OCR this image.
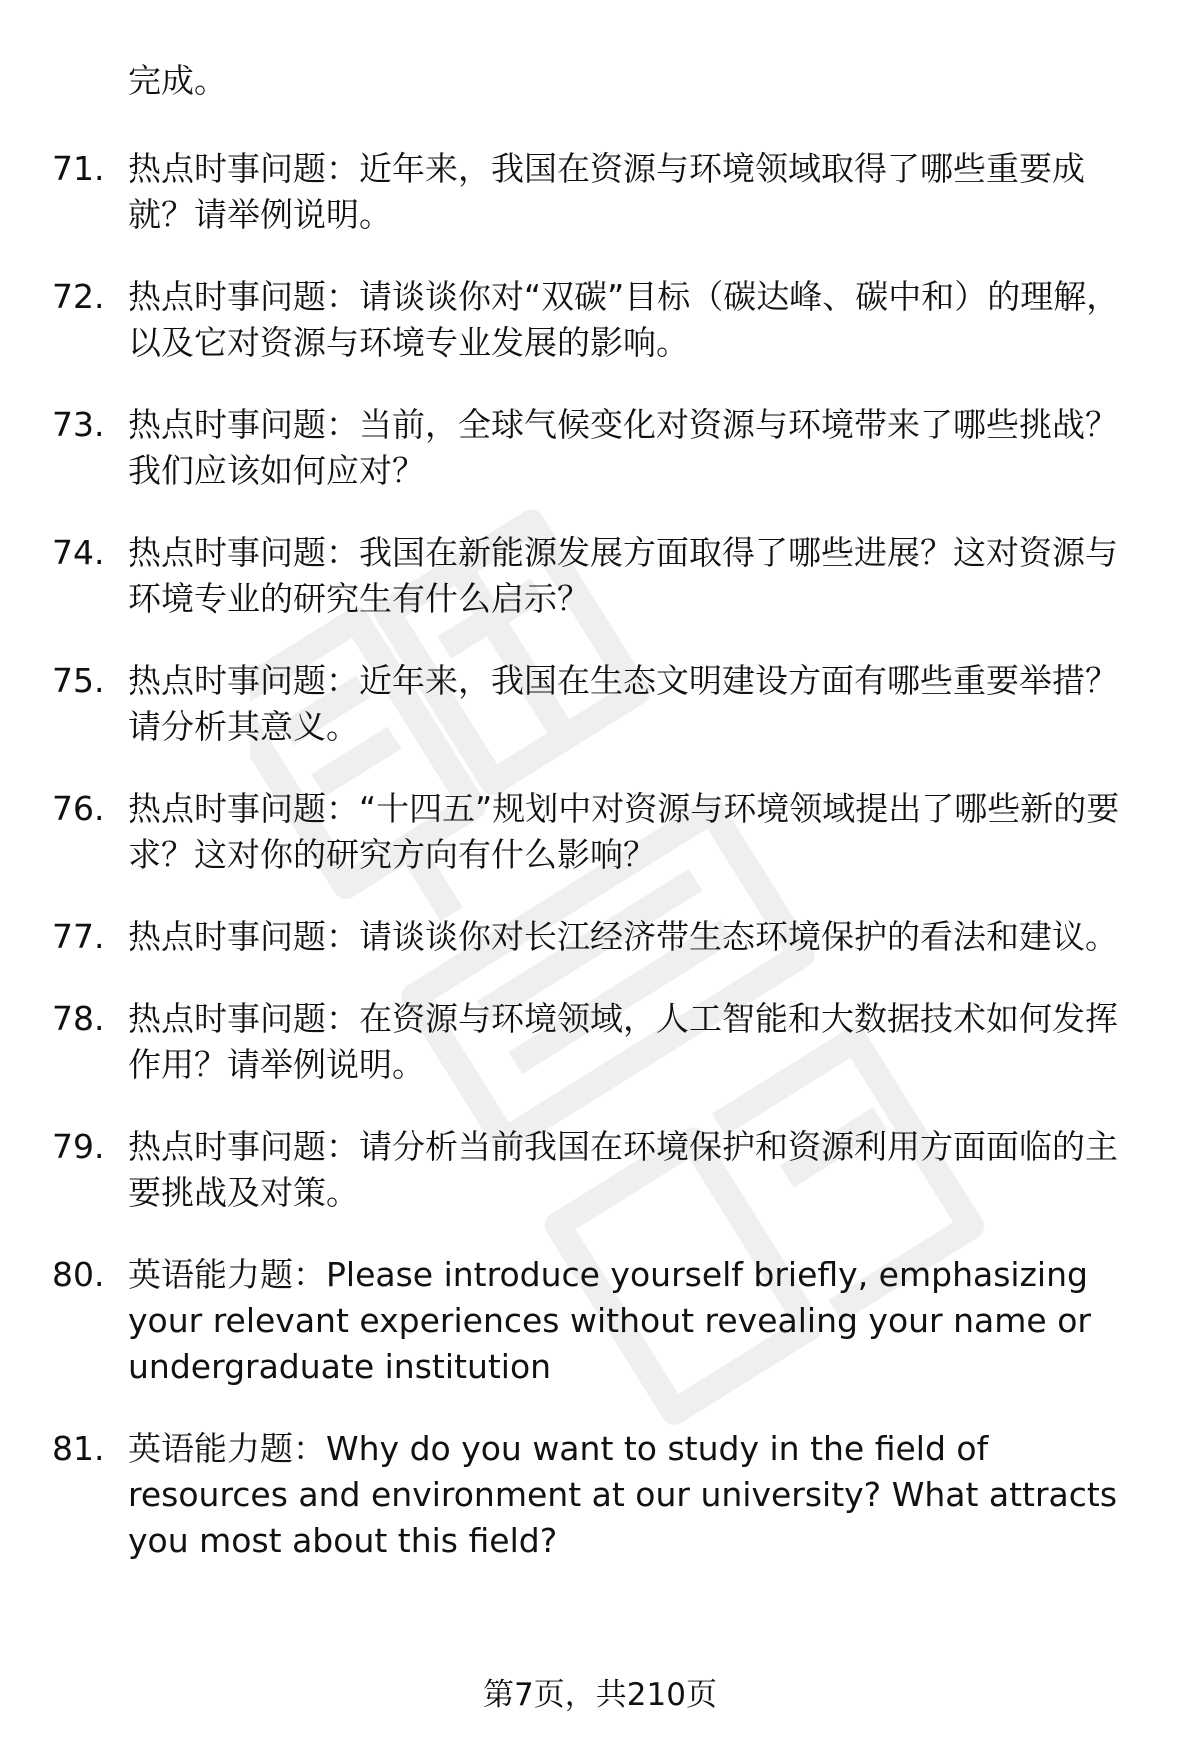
完成。

71. 热点时事问题：近年来，我国在资源与环境领域取得了哪些重要成就？请举例说明。
72. 热点时事问题：请谈谈你对“双碳”目标（碳达峰、碳中和）的理解，以及它对资源与环境专业发展的影响。
73. 热点时事问题：当前，全球气候变化对资源与环境带来了哪些挑战？我们应该如何应对？
74. 热点时事问题：我国在新能源发展方面取得了哪些进展？这对资源与环境专业的研究生有什么启示？
75. 热点时事问题：近年来，我国在生态文明建设方面有哪些重要举措？请分析其意义。
76. 热点时事问题：“十四五”规划中对资源与环境领域提出了哪些新的要求？这对你的研究方向有什么影响？
77. 热点时事问题：请谈谈你对长江经济带生态环境保护的看法和建议。
78. 热点时事问题：在资源与环境领域，人工智能和大数据技术如何发挥作用？请举例说明。
79. 热点时事问题：请分析当前我国在环境保护和资源利用方面面临的主要挑战及对策。
80. 英语能力题：Please introduce yourself briefly, emphasizing your relevant experiences without revealing your name or undergraduate institution
81. 英语能力题：Why do you want to study in the field of resources and environment at our university? What attracts you most about this field?
第7页，共210页
